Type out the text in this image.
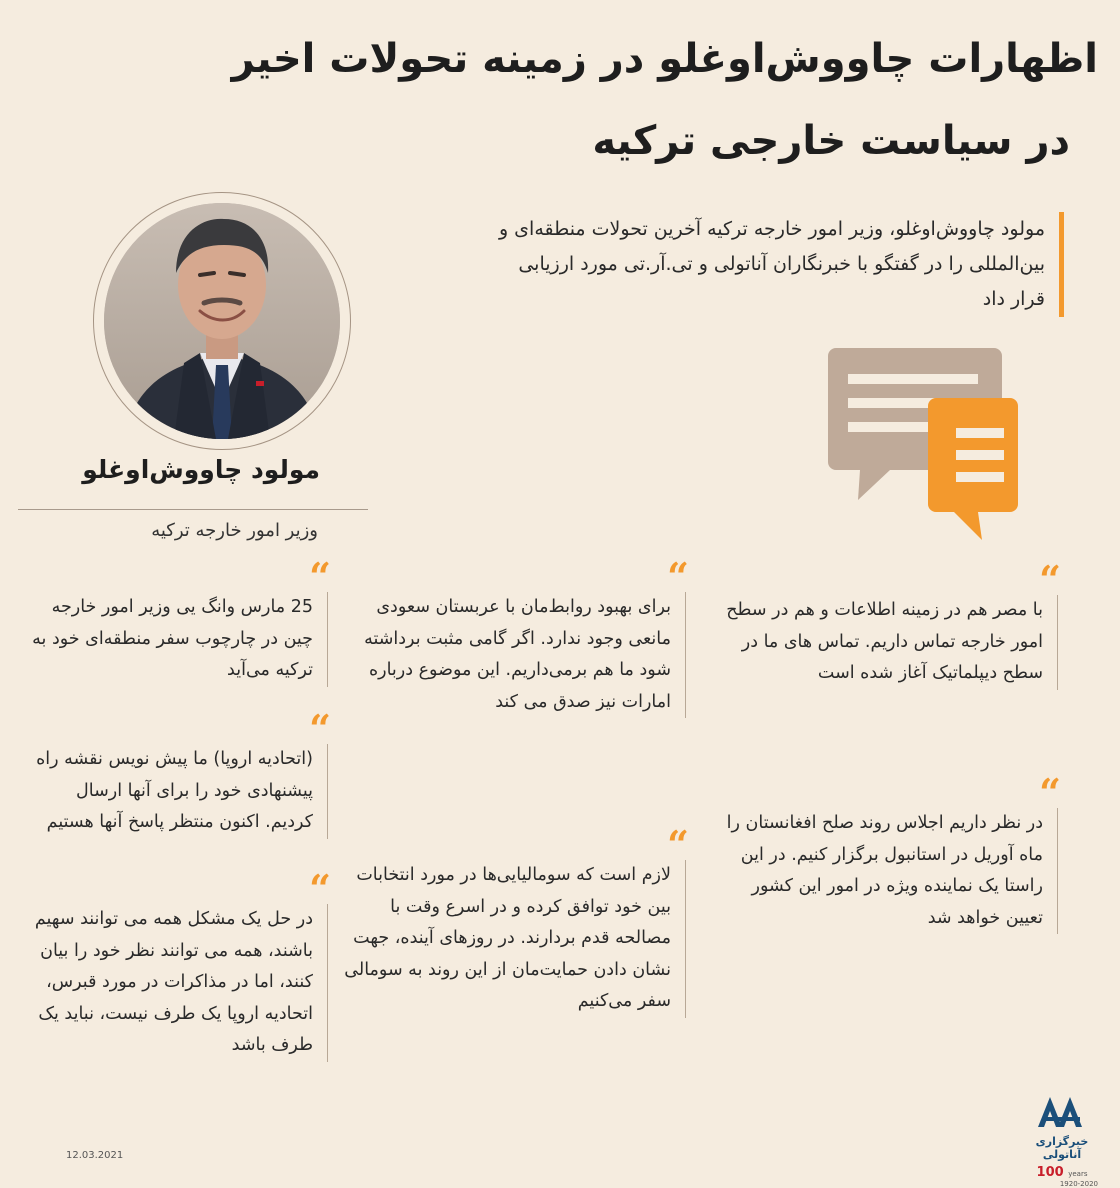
اظهارات چاووش‌اوغلو در زمینه تحولات اخیر
در سیاست خارجی ترکیه
مولود چاووش‌اوغلو، وزیر امور خارجه ترکیه آخرین تحولات منطقه‌ای و بین‌المللی را در گفتگو با خبرنگاران آناتولی و تی.آر.تی مورد ارزیابی قرار داد
مولود چاووش‌اوغلو
وزیر امور خارجه ترکیه
“
با مصر هم در زمینه اطلاعات و هم در سطح امور خارجه تماس داریم. تماس های ما در سطح دیپلماتیک آغاز شده است
“
در نظر داریم اجلاس روند صلح افغانستان را ماه آوریل در استانبول برگزار کنیم. در این راستا یک نماینده ویژه در امور این کشور تعیین خواهد شد
“
برای بهبود روابط‌مان با عربستان سعودی مانعی وجود ندارد. اگر گامی مثبت برداشته شود ما هم برمی‌داریم. این موضوع درباره امارات نیز صدق می کند
“
لازم است که سومالیایی‌ها در مورد انتخابات بین خود توافق کرده و در اسرع وقت با مصالحه قدم بردارند. در روزهای آینده، جهت نشان دادن حمایت‌مان از این روند به سومالی سفر می‌کنیم
“
25 مارس وانگ یی وزیر امور خارجه چین در چارچوب سفر منطقه‌ای خود به ترکیه می‌آید
“
(اتحادیه اروپا) ما پیش نویس نقشه راه پیشنهادی خود را برای آنها ارسال کردیم. اکنون منتظر پاسخ آنها هستیم
“
در حل یک مشکل همه می توانند سهیم باشند، همه می توانند نظر خود را بیان کنند، اما در مذاکرات در مورد قبرس، اتحادیه اروپا یک طرف نیست، نباید یک طرف باشد
12.03.2021
خبرگزاری آناتولی
100 years
1920-2020
